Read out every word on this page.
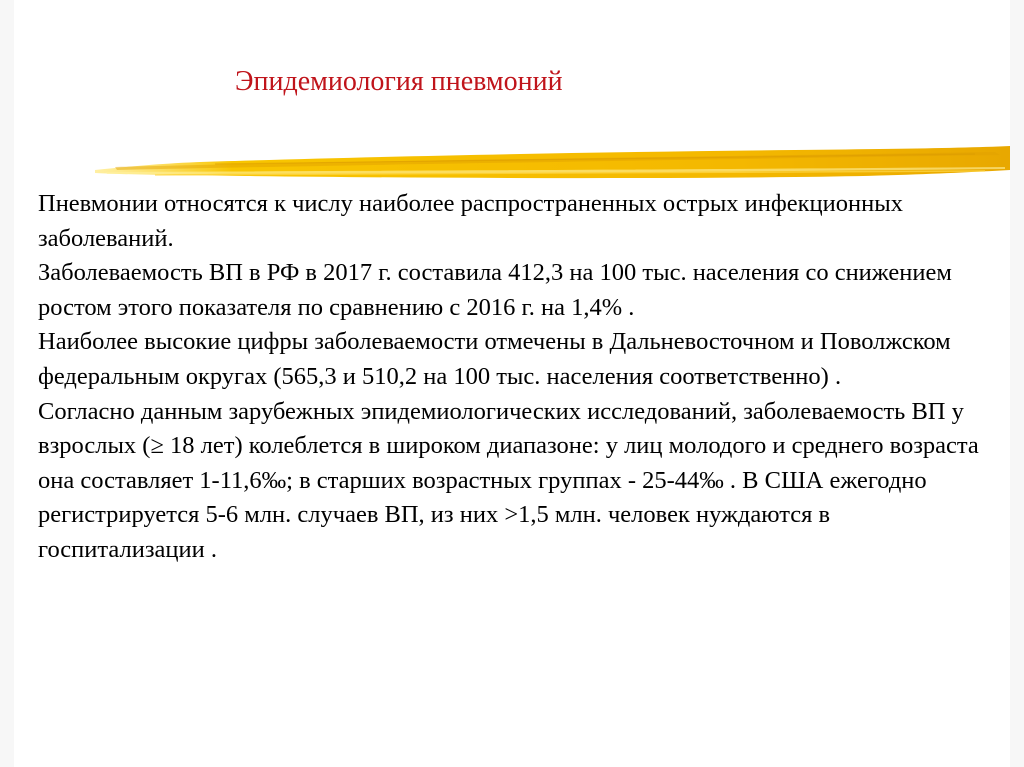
Эпидемиология пневмоний

Пневмонии относятся к числу наиболее распространенных острых инфекционных заболеваний.

Заболеваемость ВП в РФ в 2017 г. составила 412,3 на 100 тыс. населения со снижением ростом этого показателя по сравнению с 2016 г. на 1,4% .

Наиболее высокие цифры заболеваемости отмечены в Дальневосточном и Поволжском федеральным округах (565,3 и 510,2 на 100 тыс. населения соответственно) .

Согласно данным зарубежных эпидемиологических исследований, заболеваемость ВП у взрослых (≥ 18 лет) колеблется в широком диапазоне: у лиц молодого и среднего возраста она составляет 1-11,6‰; в старших возрастных группах - 25-44‰ . В США ежегодно регистрируется 5-6 млн. случаев ВП, из них >1,5 млн. человек нуждаются в госпитализации .
